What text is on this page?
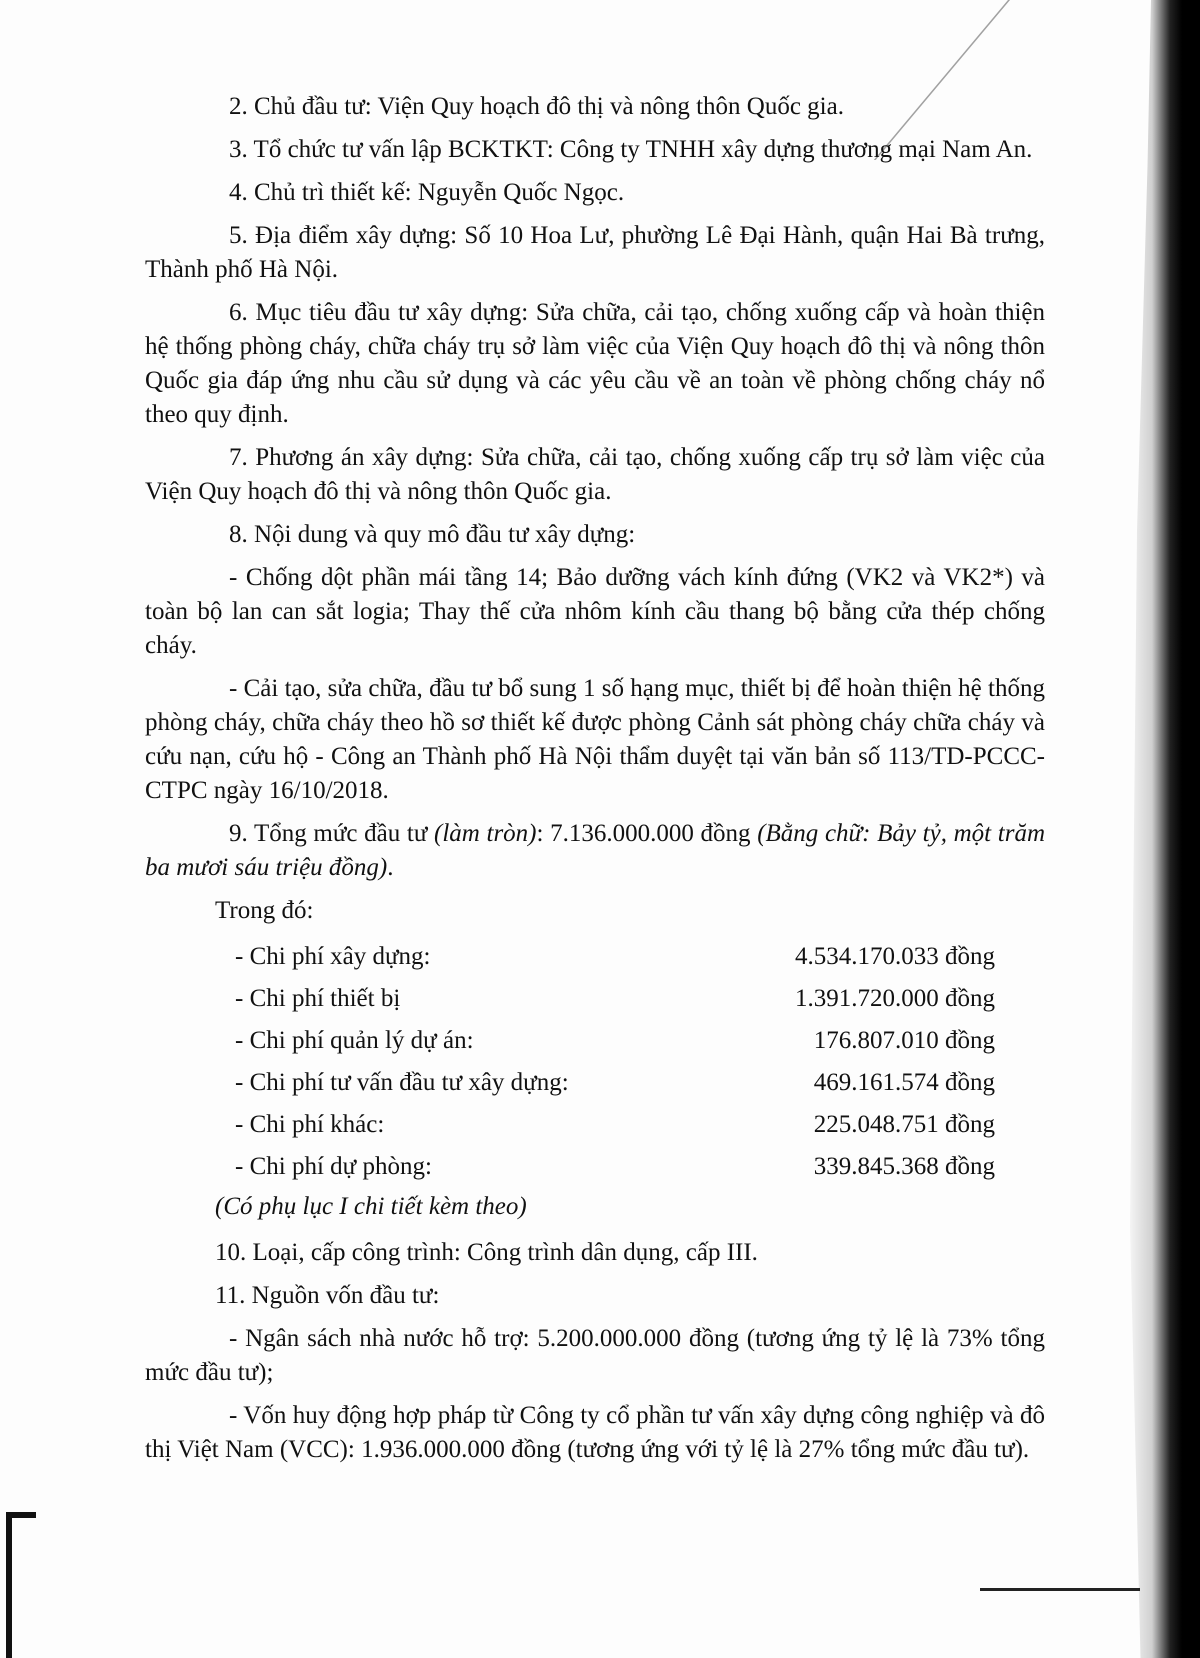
2. Chủ đầu tư: Viện Quy hoạch đô thị và nông thôn Quốc gia.

3. Tổ chức tư vấn lập BCKTKT: Công ty TNHH xây dựng thương mại Nam An.

4. Chủ trì thiết kế: Nguyễn Quốc Ngọc.

5. Địa điểm xây dựng: Số 10 Hoa Lư, phường Lê Đại Hành, quận Hai Bà trưng, Thành phố Hà Nội.

6. Mục tiêu đầu tư xây dựng: Sửa chữa, cải tạo, chống xuống cấp và hoàn thiện hệ thống phòng cháy, chữa cháy trụ sở làm việc của Viện Quy hoạch đô thị và nông thôn Quốc gia đáp ứng nhu cầu sử dụng và các yêu cầu về an toàn về phòng chống cháy nổ theo quy định.

7. Phương án xây dựng: Sửa chữa, cải tạo, chống xuống cấp trụ sở làm việc của Viện Quy hoạch đô thị và nông thôn Quốc gia.

8. Nội dung và quy mô đầu tư xây dựng:

- Chống dột phần mái tầng 14; Bảo dưỡng vách kính đứng (VK2 và VK2*) và toàn bộ lan can sắt logia; Thay thế cửa nhôm kính cầu thang bộ bằng cửa thép chống cháy.

- Cải tạo, sửa chữa, đầu tư bổ sung 1 số hạng mục, thiết bị để hoàn thiện hệ thống phòng cháy, chữa cháy theo hồ sơ thiết kế được phòng Cảnh sát phòng cháy chữa cháy và cứu nạn, cứu hộ - Công an Thành phố Hà Nội thẩm duyệt tại văn bản số 113/TD-PCCC-CTPC ngày 16/10/2018.

9. Tổng mức đầu tư (làm tròn): 7.136.000.000 đồng (Bằng chữ: Bảy tỷ, một trăm ba mươi sáu triệu đồng).

Trong đó:

- Chi phí xây dựng:	4.534.170.033 đồng
- Chi phí thiết bị	1.391.720.000 đồng
- Chi phí quản lý dự án:	176.807.010 đồng
- Chi phí tư vấn đầu tư xây dựng:	469.161.574 đồng
- Chi phí khác:	225.048.751 đồng
- Chi phí dự phòng:	339.845.368 đồng

(Có phụ lục I chi tiết kèm theo)

10. Loại, cấp công trình: Công trình dân dụng, cấp III.

11. Nguồn vốn đầu tư:

- Ngân sách nhà nước hỗ trợ: 5.200.000.000 đồng (tương ứng tỷ lệ là 73% tổng mức đầu tư);

- Vốn huy động hợp pháp từ Công ty cổ phần tư vấn xây dựng công nghiệp và đô thị Việt Nam (VCC): 1.936.000.000 đồng (tương ứng với tỷ lệ là 27% tổng mức đầu tư).
